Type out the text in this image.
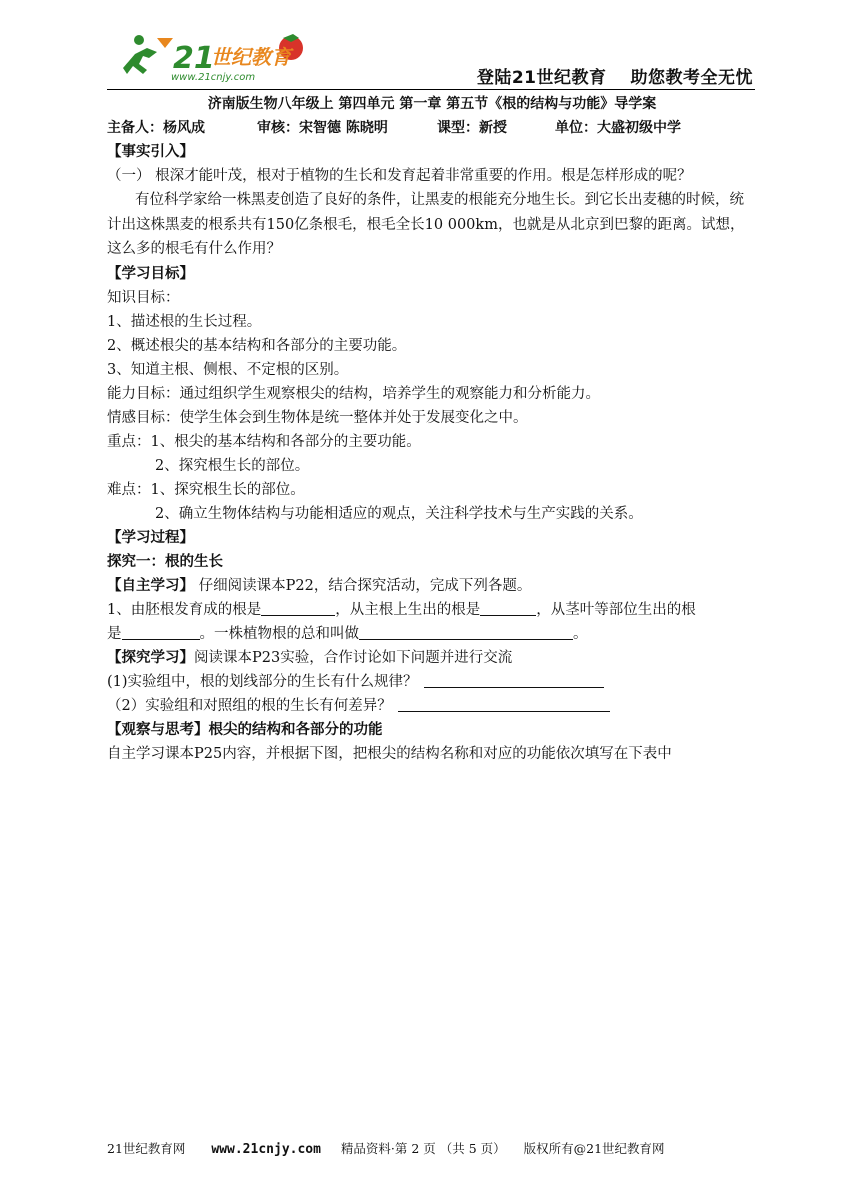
21
世纪教育
www.21cnjy.com	登陆21世纪教育 助您教考全无忧
济南版生物八年级上 第四单元 第一章 第五节《根的结构与功能》导学案
主备人：杨风成	审核：宋智德 陈晓明	课型：新授	单位：大盛初级中学
【事实引入】
（一） 根深才能叶茂，根对于植物的生长和发育起着非常重要的作用。根是怎样形成的呢？
有位科学家给一株黑麦创造了良好的条件，让黑麦的根能充分地生长。到它长出麦穗的时候，统计出这株黑麦的根系共有150亿条根毛，根毛全长10 000km，也就是从北京到巴黎的距离。试想，这么多的根毛有什么作用？
【学习目标】
知识目标：
1、描述根的生长过程。
2、概述根尖的基本结构和各部分的主要功能。
3、知道主根、侧根、不定根的区别。
能力目标：通过组织学生观察根尖的结构，培养学生的观察能力和分析能力。
情感目标：使学生体会到生物体是统一整体并处于发展变化之中。
重点：1、根尖的基本结构和各部分的主要功能。
2、探究根生长的部位。
难点：1、探究根生长的部位。
2、确立生物体结构与功能相适应的观点，关注科学技术与生产实践的关系。
【学习过程】
探究一：根的生长
【自主学习】 仔细阅读课本P22，结合探究活动，完成下列各题。
1、由胚根发育成的根是	，从主根上生出的根是	，从茎叶等部位生出的根
是	。一株植物根的总和叫做	。
【探究学习】阅读课本P23实验，合作讨论如下问题并进行交流
(1)实验组中，根的划线部分的生长有什么规律？
（2）实验组和对照组的根的生长有何差异？
【观察与思考】根尖的结构和各部分的功能
自主学习课本P25内容，并根据下图，把根尖的结构名称和对应的功能依次填写在下表中
21世纪教育网 www.21cnjy.com 精品资料·第 2 页 （共 5 页） 版权所有@21世纪教育网
